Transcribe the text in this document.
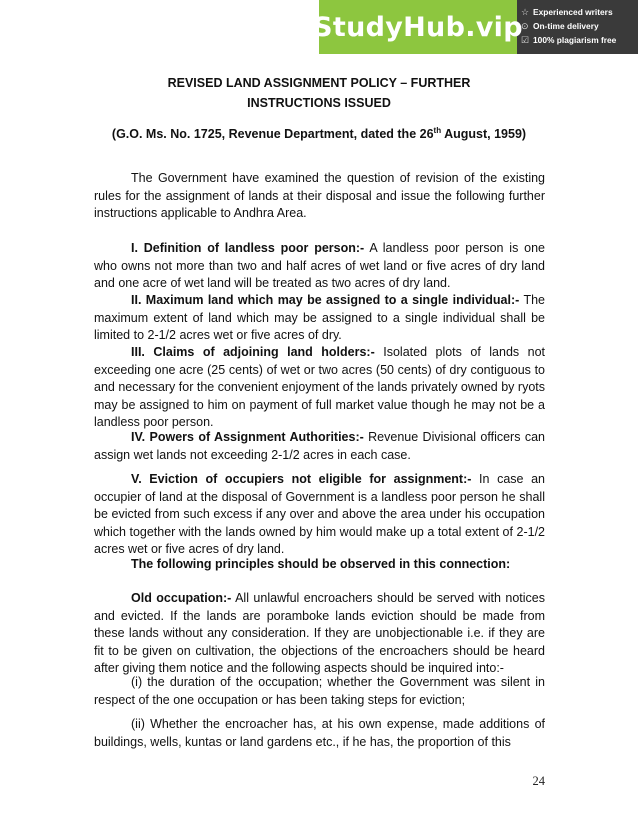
StudyHub.vip
☆ Experienced writers
⊙ On-time delivery
☑ 100% plagiarism free
REVISED LAND ASSIGNMENT POLICY – FURTHER
INSTRUCTIONS ISSUED
(G.O. Ms. No. 1725, Revenue Department, dated the 26th August, 1959)
The Government have examined the question of revision of the existing rules for the assignment of lands at their disposal and issue the following further instructions applicable to Andhra Area.
I. Definition of landless poor person:- A landless poor person is one who owns not more than two and half acres of wet land or five acres of dry land and one acre of wet land will be treated as two acres of dry land.
II. Maximum land which may be assigned to a single individual:- The maximum extent of land which may be assigned to a single individual shall be limited to 2-1/2 acres wet or five acres of dry.
III. Claims of adjoining land holders:- Isolated plots of lands not exceeding one acre (25 cents) of wet or two acres (50 cents) of dry contiguous to and necessary for the convenient enjoyment of the lands privately owned by ryots may be assigned to him on payment of full market value though he may not be a landless poor person.
IV. Powers of Assignment Authorities:- Revenue Divisional officers can assign wet lands not exceeding 2-1/2 acres in each case.
V. Eviction of occupiers not eligible for assignment:- In case an occupier of land at the disposal of Government is a landless poor person he shall be evicted from such excess if any over and above the area under his occupation which together with the lands owned by him would make up a total extent of 2-1/2 acres wet or five acres of dry land.
The following principles should be observed in this connection:
Old occupation:- All unlawful encroachers should be served with notices and evicted. If the lands are poramboke lands eviction should be made from these lands without any consideration. If they are unobjectionable i.e. if they are fit to be given on cultivation, the objections of the encroachers should be heard after giving them notice and the following aspects should be inquired into:-
(i) the duration of the occupation; whether the Government was silent in respect of the one occupation or has been taking steps for eviction;
(ii) Whether the encroacher has, at his own expense, made additions of buildings, wells, kuntas or land gardens etc., if he has, the proportion of this
24
